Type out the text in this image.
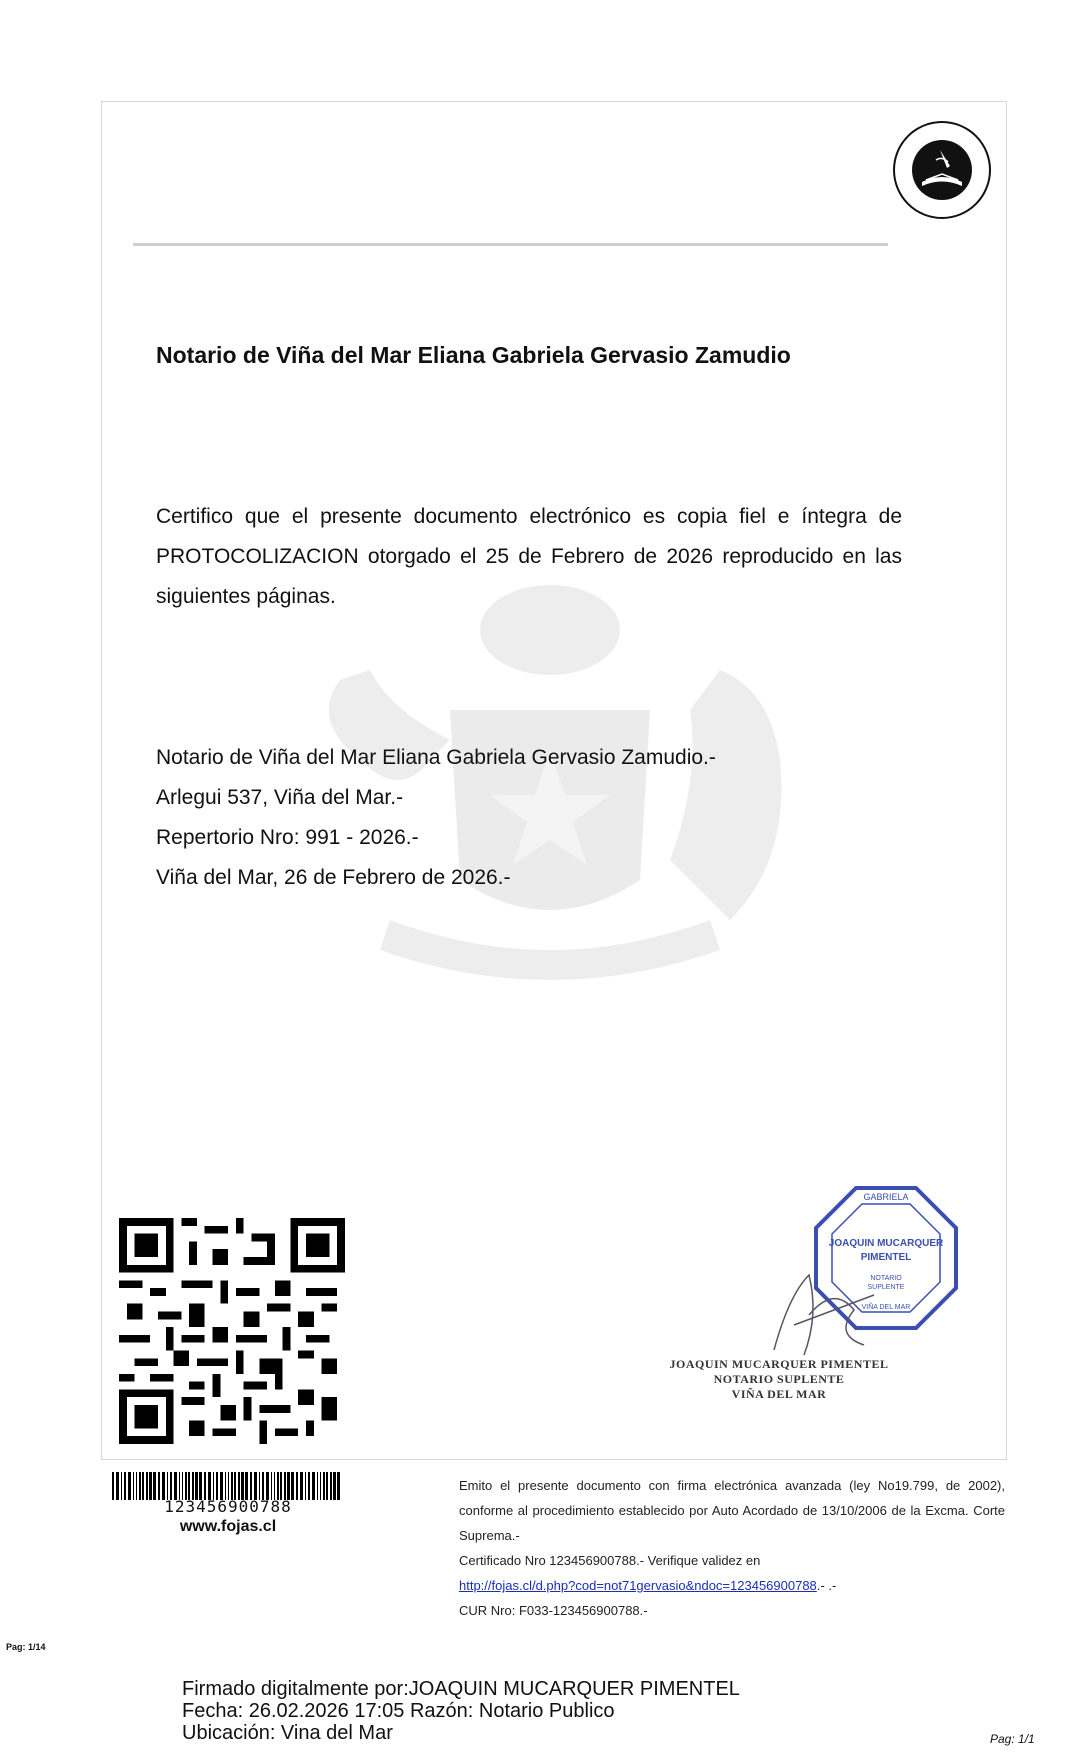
Notario de Viña del Mar Eliana Gabriela Gervasio Zamudio
Certifico que el presente documento electrónico es copia fiel e íntegra de PROTOCOLIZACION otorgado el 25 de Febrero de 2026 reproducido en las siguientes páginas.
Notario de Viña del Mar Eliana Gabriela Gervasio Zamudio.-
Arlegui 537, Viña del Mar.-
Repertorio Nro: 991 - 2026.-
Viña del Mar, 26 de Febrero de 2026.-
GABRIELA
JOAQUIN MUCARQUER
PIMENTEL
NOTARIO
SUPLENTE
VIÑA DEL MAR
JOAQUIN MUCARQUER PIMENTEL
NOTARIO SUPLENTE
VIÑA DEL MAR
123456900788
www.fojas.cl
Emito el presente documento con firma electrónica avanzada (ley No19.799, de 2002), conforme al procedimiento establecido por Auto Acordado de 13/10/2006 de la Excma. Corte Suprema.-
Certificado Nro 123456900788.- Verifique validez en
http://fojas.cl/d.php?cod=not71gervasio&ndoc=123456900788.- .-
CUR Nro: F033-123456900788.-
Pag: 1/14
Firmado digitalmente por:JOAQUIN MUCARQUER PIMENTEL
Fecha: 26.02.2026 17:05 Razón: Notario Publico
Ubicación: Vina del Mar	Pag: 1/1
